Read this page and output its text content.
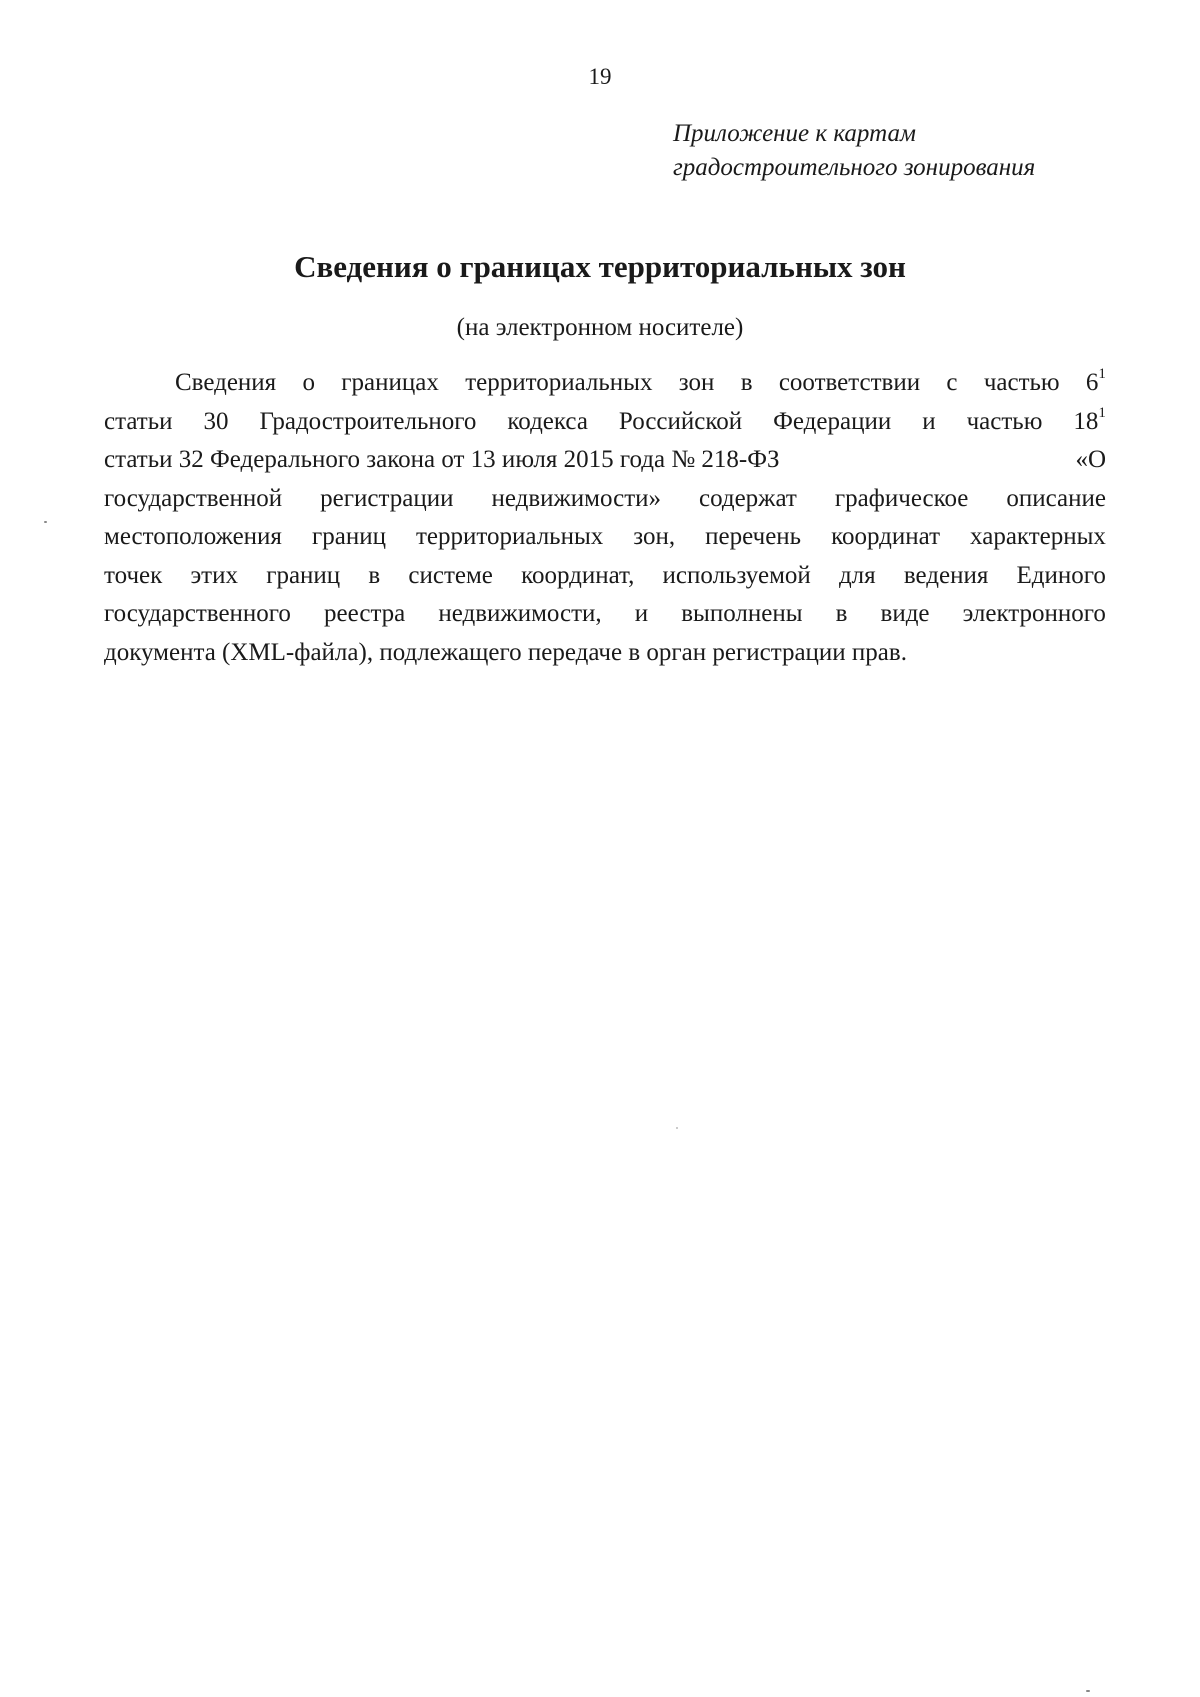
19
Приложение к картам
градостроительного зонирования
Сведения о границах территориальных зон
(на электронном носителе)
Сведения о границах территориальных зон в соответствии с частью $6^1$
статьи 30 Градостроительного кодекса Российской Федерации и частью $18^1$
статьи 32 Федерального закона от 13 июля 2015 года № 218-ФЗ	«О
государственной регистрации недвижимости» содержат графическое описание
местоположения границ территориальных зон, перечень координат характерных
точек этих границ в системе координат, используемой для ведения Единого
государственного реестра недвижимости, и выполнены в виде электронного
документа (XML-файла), подлежащего передаче в орган регистрации прав.
